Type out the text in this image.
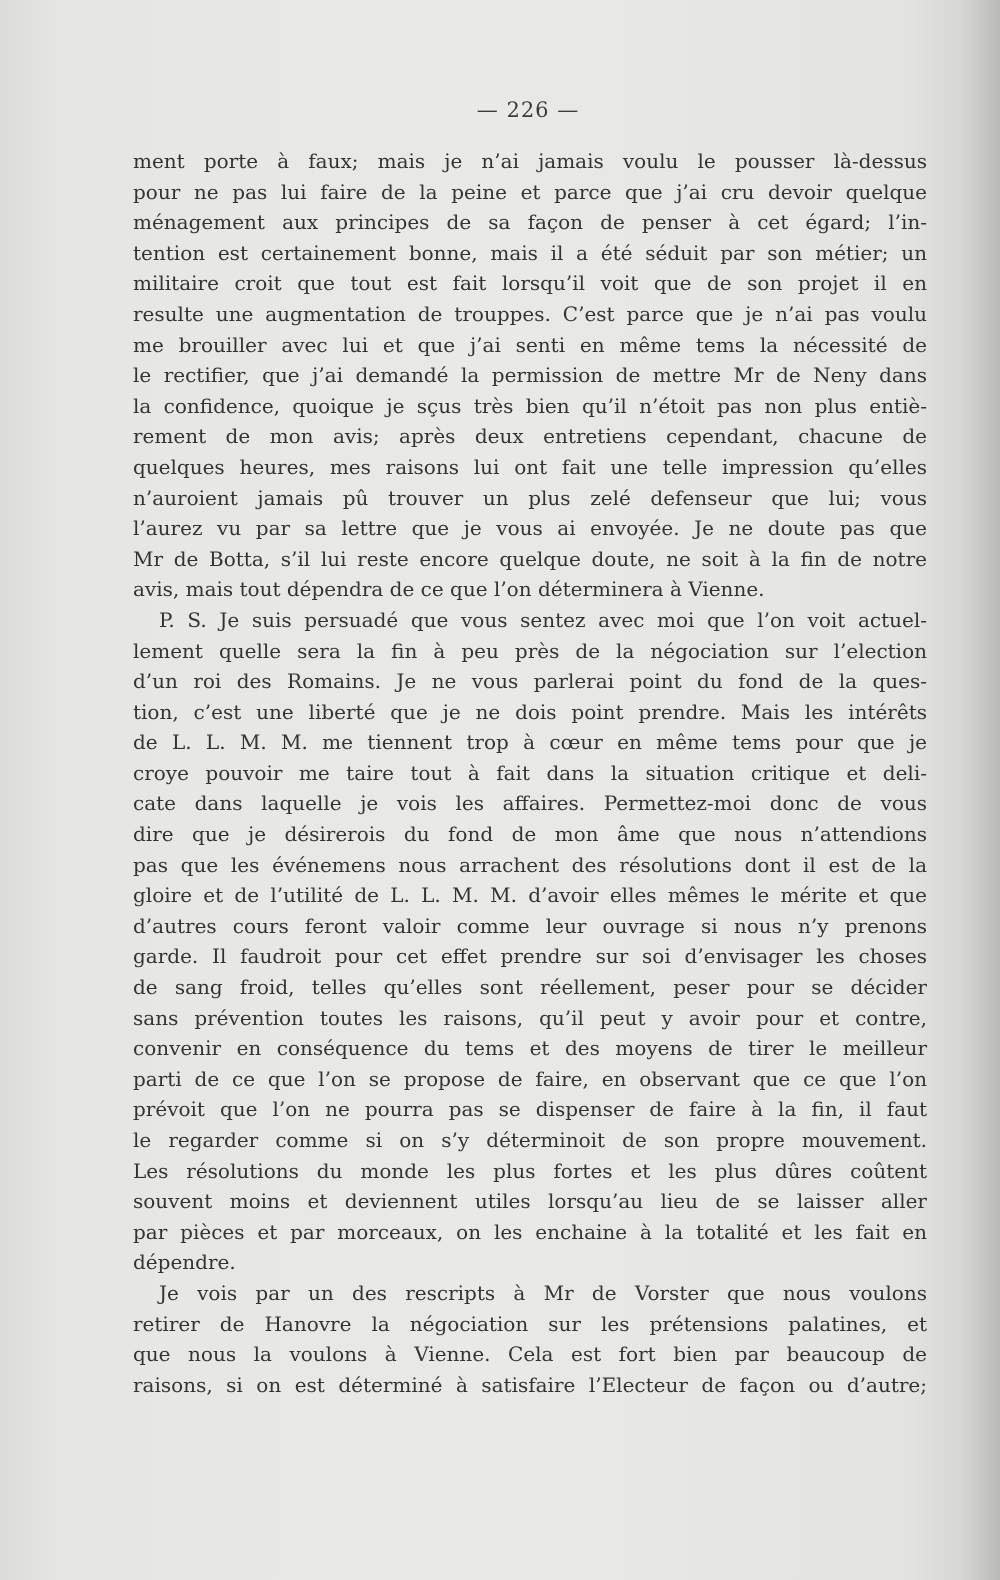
— 226 —
ment porte à faux; mais je n’ai jamais voulu le pousser là-dessus
pour ne pas lui faire de la peine et parce que j’ai cru devoir quelque
ménagement aux principes de sa façon de penser à cet égard; l’in-
tention est certainement bonne, mais il a été séduit par son métier; un
militaire croit que tout est fait lorsqu’il voit que de son projet il en
resulte une augmentation de trouppes. C’est parce que je n’ai pas voulu
me brouiller avec lui et que j’ai senti en même tems la nécessité de
le rectifier, que j’ai demandé la permission de mettre Mr de Neny dans
la confidence, quoique je sçus très bien qu’il n’étoit pas non plus entiè-
rement de mon avis; après deux entretiens cependant, chacune de
quelques heures, mes raisons lui ont fait une telle impression qu’elles
n’auroient jamais pû trouver un plus zelé defenseur que lui; vous
l’aurez vu par sa lettre que je vous ai envoyée. Je ne doute pas que
Mr de Botta, s’il lui reste encore quelque doute, ne soit à la fin de notre
avis, mais tout dépendra de ce que l’on déterminera à Vienne.
P. S. Je suis persuadé que vous sentez avec moi que l’on voit actuel-
lement quelle sera la fin à peu près de la négociation sur l’election
d’un roi des Romains. Je ne vous parlerai point du fond de la ques-
tion, c’est une liberté que je ne dois point prendre. Mais les intérêts
de L. L. M. M. me tiennent trop à cœur en même tems pour que je
croye pouvoir me taire tout à fait dans la situation critique et deli-
cate dans laquelle je vois les affaires. Permettez-moi donc de vous
dire que je désirerois du fond de mon âme que nous n’attendions
pas que les événemens nous arrachent des résolutions dont il est de la
gloire et de l’utilité de L. L. M. M. d’avoir elles mêmes le mérite et que
d’autres cours feront valoir comme leur ouvrage si nous n’y prenons
garde. Il faudroit pour cet effet prendre sur soi d’envisager les choses
de sang froid, telles qu’elles sont réellement, peser pour se décider
sans prévention toutes les raisons, qu’il peut y avoir pour et contre,
convenir en conséquence du tems et des moyens de tirer le meilleur
parti de ce que l’on se propose de faire, en observant que ce que l’on
prévoit que l’on ne pourra pas se dispenser de faire à la fin, il faut
le regarder comme si on s’y déterminoit de son propre mouvement.
Les résolutions du monde les plus fortes et les plus dûres coûtent
souvent moins et deviennent utiles lorsqu’au lieu de se laisser aller
par pièces et par morceaux, on les enchaine à la totalité et les fait en
dépendre.
Je vois par un des rescripts à Mr de Vorster que nous voulons
retirer de Hanovre la négociation sur les prétensions palatines, et
que nous la voulons à Vienne. Cela est fort bien par beaucoup de
raisons, si on est déterminé à satisfaire l’Electeur de façon ou d’autre;
